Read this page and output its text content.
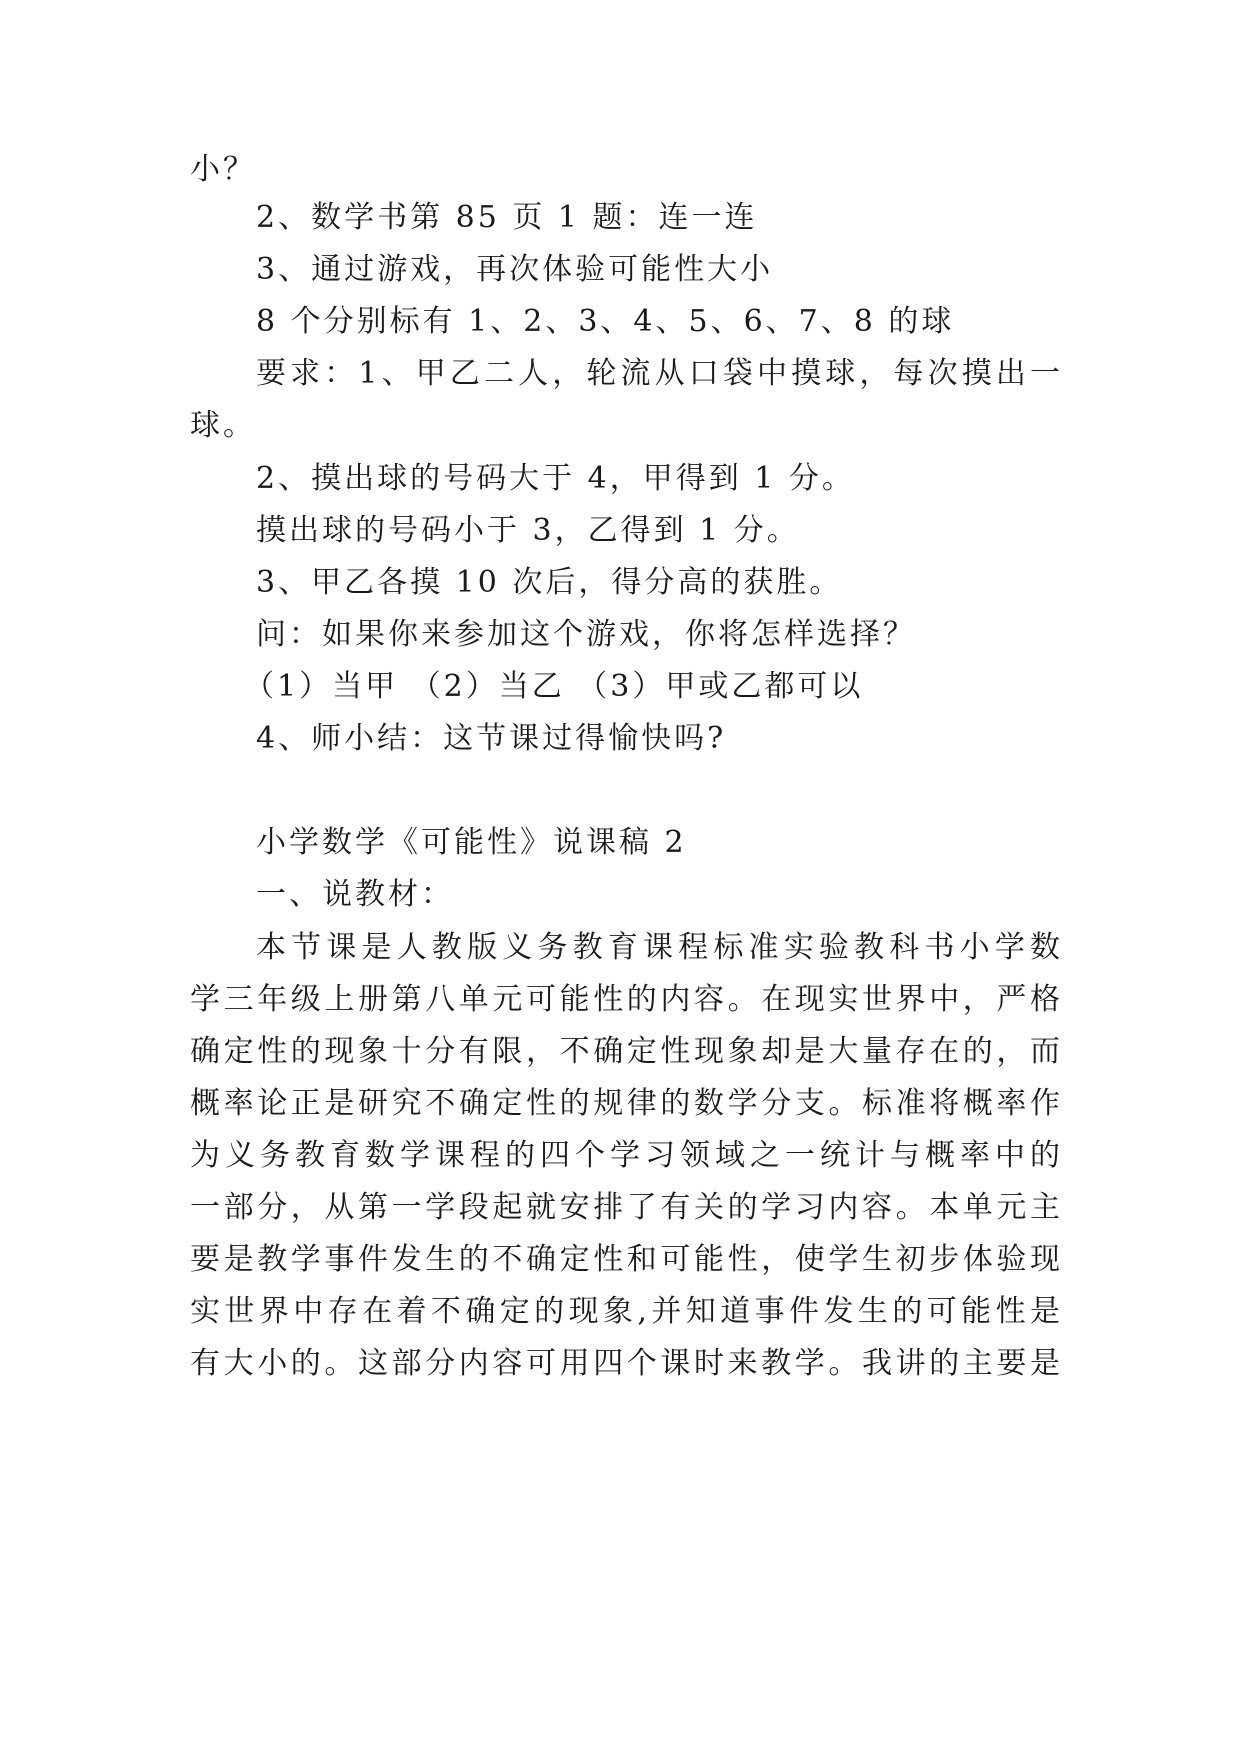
小？
2、数学书第 85 页 1 题：连一连
3、通过游戏，再次体验可能性大小
8 个分别标有 1、2、3、4、5、6、7、8 的球
要求：1、甲乙二人，轮流从口袋中摸球，每次摸出一
球。
2、摸出球的号码大于 4，甲得到 1 分。
摸出球的号码小于 3，乙得到 1 分。
3、甲乙各摸 10 次后，得分高的获胜。
问：如果你来参加这个游戏，你将怎样选择？
（1）当甲 （2）当乙 （3）甲或乙都可以
4、师小结：这节课过得愉快吗?
小学数学《可能性》说课稿 2
一、说教材：
本节课是人教版义务教育课程标准实验教科书小学数
学三年级上册第八单元可能性的内容。在现实世界中，严格
确定性的现象十分有限，不确定性现象却是大量存在的，而
概率论正是研究不确定性的规律的数学分支。标准将概率作
为义务教育数学课程的四个学习领域之一统计与概率中的
一部分，从第一学段起就安排了有关的学习内容。本单元主
要是教学事件发生的不确定性和可能性，使学生初步体验现
实世界中存在着不确定的现象,并知道事件发生的可能性是
有大小的。这部分内容可用四个课时来教学。我讲的主要是
